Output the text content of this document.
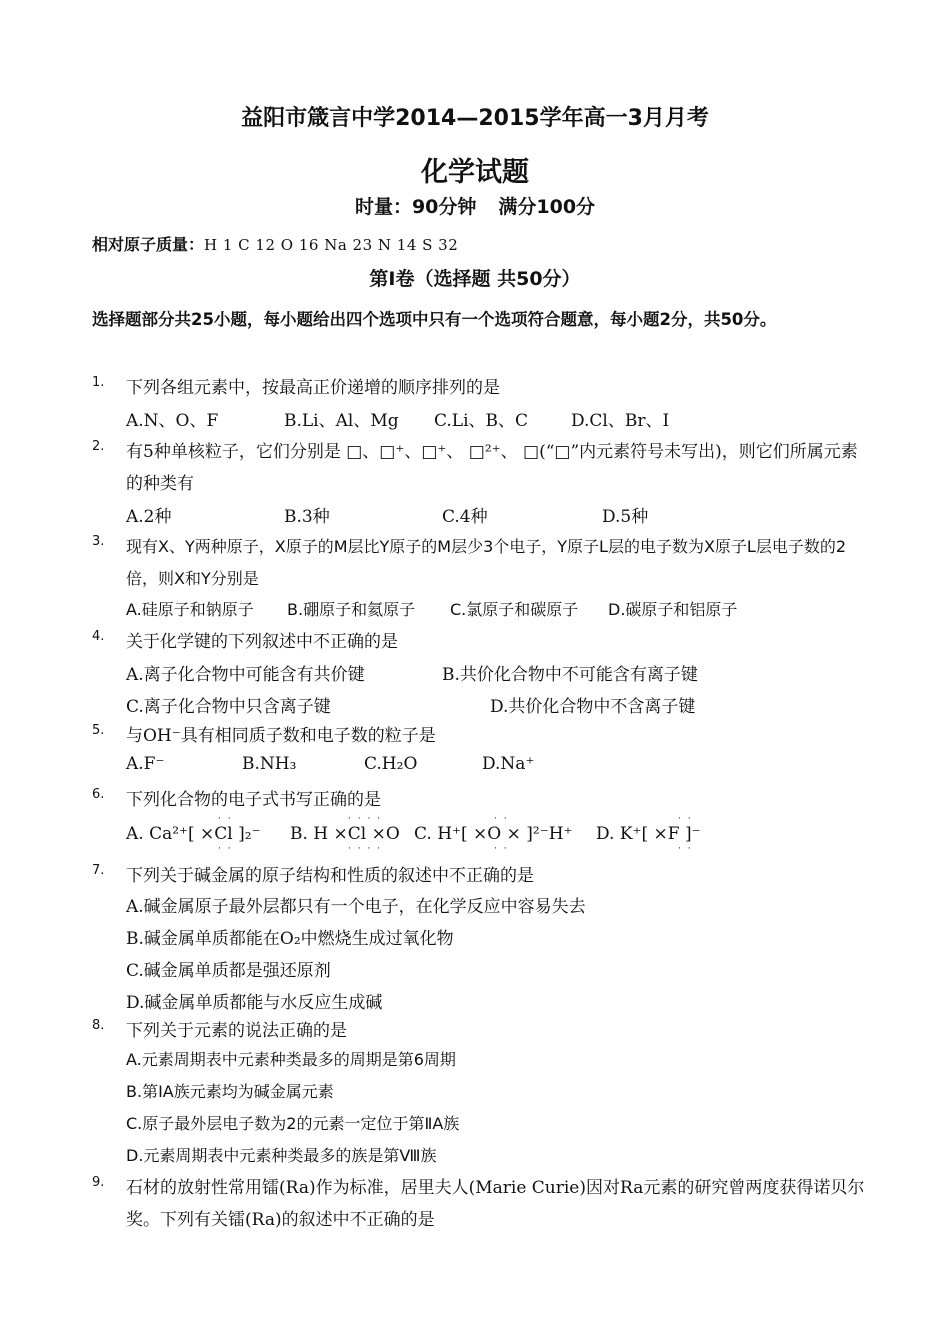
益阳市箴言中学2014—2015学年高一3月月考
化学试题
时量：90分钟 满分100分
相对原子质量：H 1 C 12 O 16 Na 23 N 14 S 32
第I卷（选择题 共50分）
选择题部分共25小题，每小题给出四个选项中只有一个选项符合题意，每小题2分，共50分。
1. 下列各组元素中，按最高正价递增的顺序排列的是
A.N、O、F	B.Li、Al、Mg C.Li、B、C	D.Cl、Br、I
2. 有5种单核粒子，它们分别是 □、□⁺、□⁺、 □²⁺、 □(“□”内元素符号未写出)，则它们所属元素的种类有
A.2种	B.3种	C.4种	D.5种
3. 现有X、Y两种原子，X原子的M层比Y原子的M层少3个电子，Y原子L层的电子数为X原子L层电子数的2倍，则X和Y分别是
A.硅原子和钠原子 B.硼原子和氦原子 C.氯原子和碳原子 D.碳原子和铝原子
4. 关于化学键的下列叙述中不正确的是
A.离子化合物中可能含有共价键	B.共价化合物中不可能含有离子键
C.离子化合物中只含离子键	D.共价化合物中不含离子键
5. 与OH⁻具有相同质子数和电子数的粒子是
A.F⁻	B.NH₃	C.H₂O	D.Na⁺
6. 下列化合物的电子式书写正确的是
A. Ca²⁺[ ×Cl ]₂⁻ B. H ×Cl ×O C. H⁺[ ×O × ]²⁻H⁺ D. K⁺[ ×F ]⁻
· ·
· ·
· · · ·
· · · ·
· ·
· ·
· ·
· ·
7. 下列关于碱金属的原子结构和性质的叙述中不正确的是
A.碱金属原子最外层都只有一个电子，在化学反应中容易失去
B.碱金属单质都能在O₂中燃烧生成过氧化物
C.碱金属单质都是强还原剂
D.碱金属单质都能与水反应生成碱
8. 下列关于元素的说法正确的是
A.元素周期表中元素种类最多的周期是第6周期
B.第IA族元素均为碱金属元素
C.原子最外层电子数为2的元素一定位于第ⅡA族
D.元素周期表中元素种类最多的族是第Ⅷ族
9. 石材的放射性常用镭(Ra)作为标准，居里夫人(Marie Curie)因对Ra元素的研究曾两度获得诺贝尔奖。下列有关镭(Ra)的叙述中不正确的是
